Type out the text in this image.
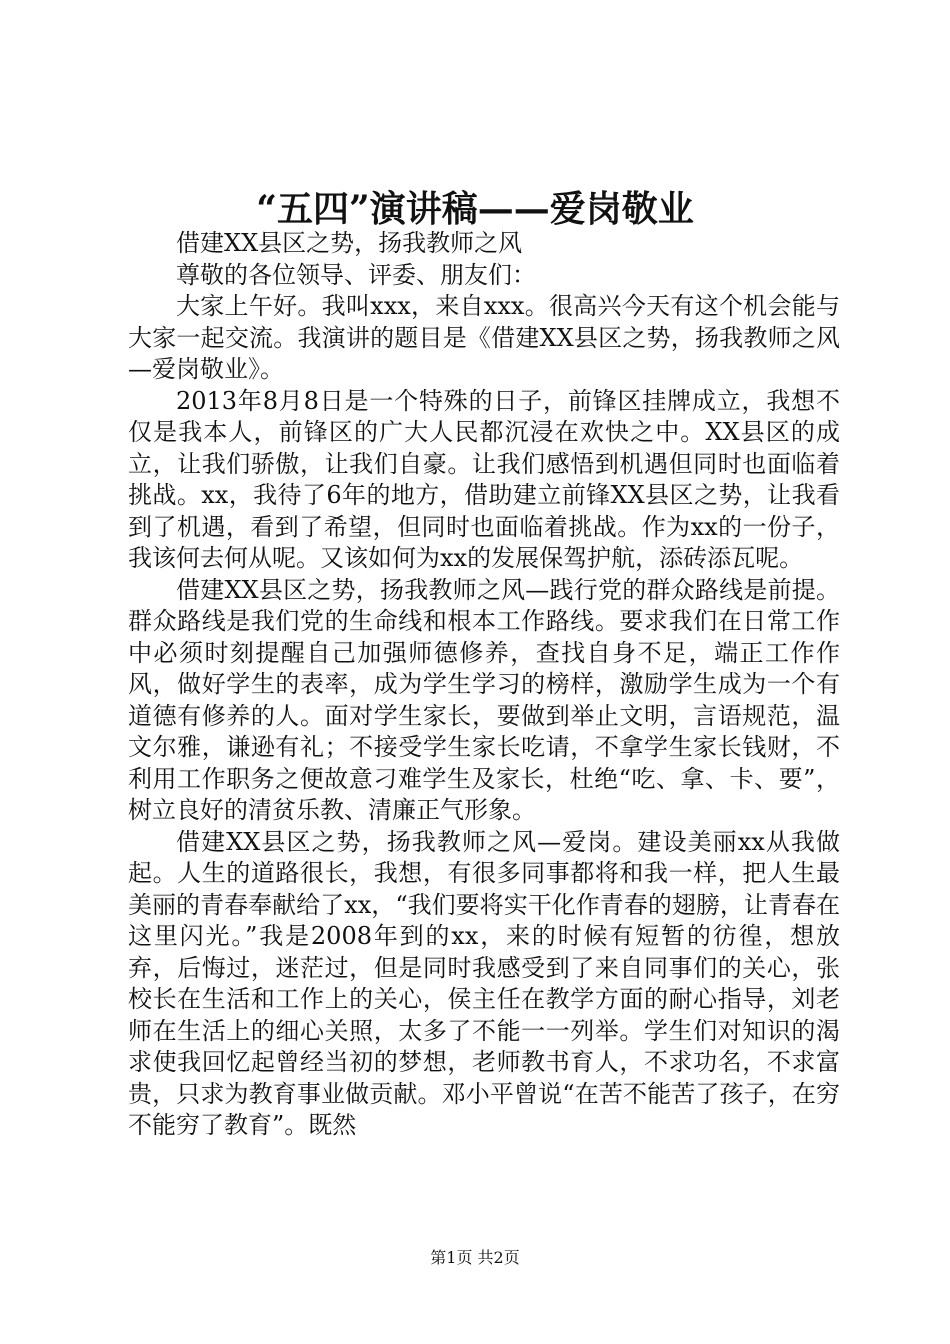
“五四”演讲稿——爱岗敬业

借建XX县区之势，扬我教师之风

尊敬的各位领导、评委、朋友们：

大家上午好。我叫xxx，来自xxx。很高兴今天有这个机会能与大家一起交流。我演讲的题目是《借建XX县区之势，扬我教师之风—爱岗敬业》。

2013年8月8日是一个特殊的日子，前锋区挂牌成立，我想不仅是我本人，前锋区的广大人民都沉浸在欢快之中。XX县区的成立，让我们骄傲，让我们自豪。让我们感悟到机遇但同时也面临着挑战。xx，我待了6年的地方，借助建立前锋XX县区之势，让我看到了机遇，看到了希望，但同时也面临着挑战。作为xx的一份子，我该何去何从呢。又该如何为xx的发展保驾护航，添砖添瓦呢。

借建XX县区之势，扬我教师之风—践行党的群众路线是前提。群众路线是我们党的生命线和根本工作路线。要求我们在日常工作中必须时刻提醒自己加强师德修养，查找自身不足，端正工作作风，做好学生的表率，成为学生学习的榜样，激励学生成为一个有道德有修养的人。面对学生家长，要做到举止文明，言语规范，温文尔雅，谦逊有礼；不接受学生家长吃请，不拿学生家长钱财，不利用工作职务之便故意刁难学生及家长，杜绝“吃、拿、卡、要”，树立良好的清贫乐教、清廉正气形象。

借建XX县区之势，扬我教师之风—爱岗。建设美丽xx从我做起。人生的道路很长，我想，有很多同事都将和我一样，把人生最美丽的青春奉献给了xx，“我们要将实干化作青春的翅膀，让青春在这里闪光。”我是2008年到的xx，来的时候有短暂的彷徨，想放弃，后悔过，迷茫过，但是同时我感受到了来自同事们的关心，张校长在生活和工作上的关心，侯主任在教学方面的耐心指导，刘老师在生活上的细心关照，太多了不能一一列举。学生们对知识的渴求使我回忆起曾经当初的梦想，老师教书育人，不求功名，不求富贵，只求为教育事业做贡献。邓小平曾说“在苦不能苦了孩子，在穷不能穷了教育”。既然

第1页 共2页
